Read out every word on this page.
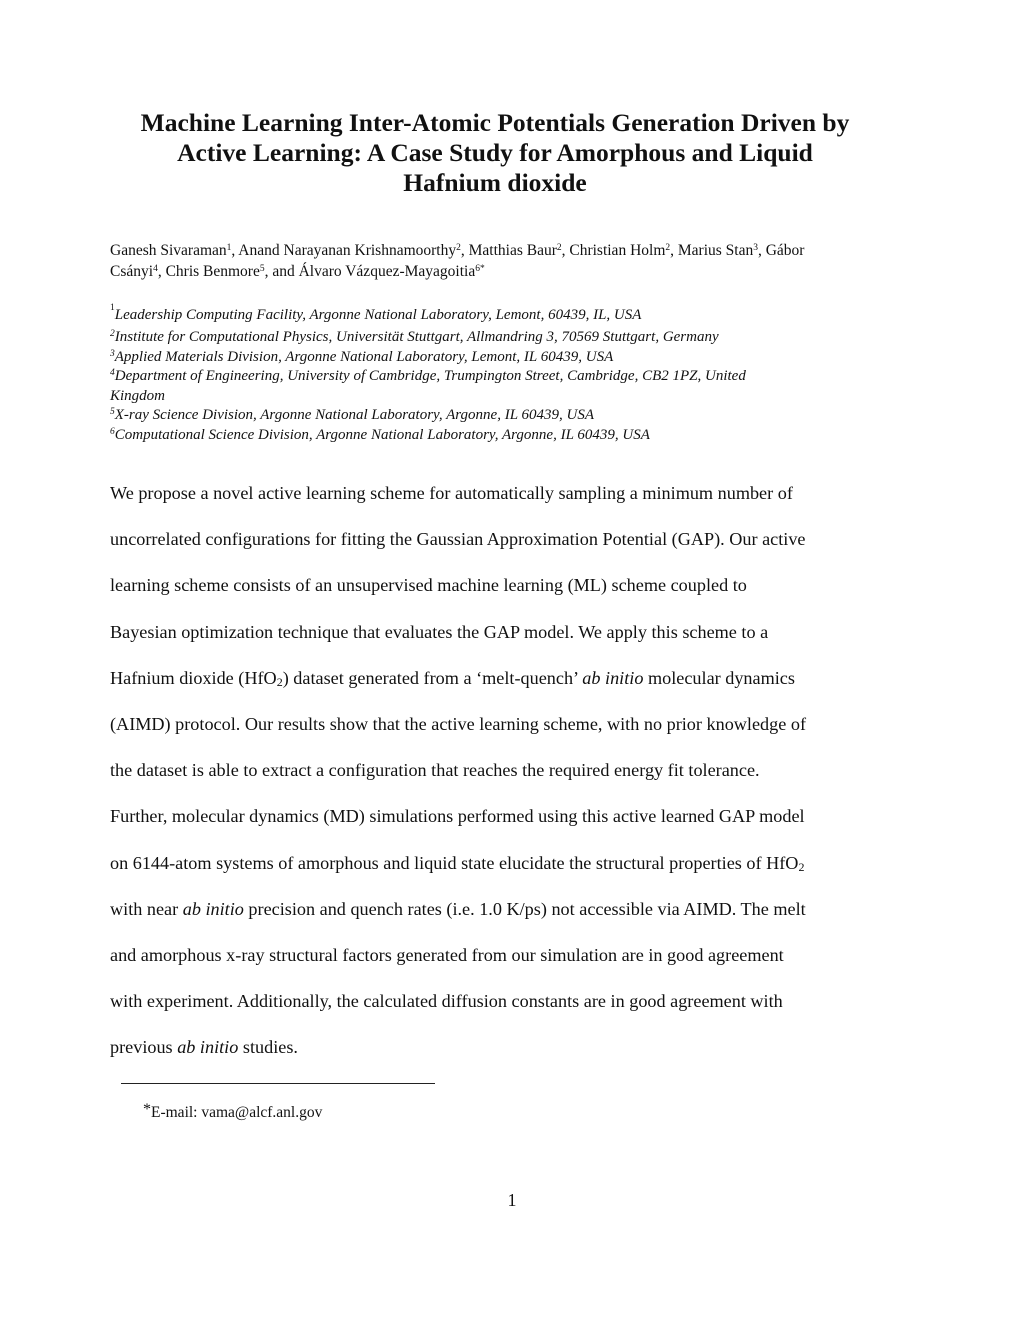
Machine Learning Inter-Atomic Potentials Generation Driven by
Active Learning: A Case Study for Amorphous and Liquid
Hafnium dioxide
Ganesh Sivaraman$^1$, Anand Narayanan Krishnamoorthy$^2$, Matthias Baur$^2$, Christian Holm$^2$, Marius Stan$^3$, Gábor
Csányi$^4$, Chris Benmore$^5$, and Álvaro Vázquez-Mayagoitia$^{6*}$
$^1$Leadership Computing Facility, Argonne National Laboratory, Lemont, 60439, IL, USA
$^2$Institute for Computational Physics, Universität Stuttgart, Allmandring 3, 70569 Stuttgart, Germany
$^3$Applied Materials Division, Argonne National Laboratory, Lemont, IL 60439, USA
$^4$Department of Engineering, University of Cambridge, Trumpington Street, Cambridge, CB2 1PZ, United
Kingdom
$^5$X-ray Science Division, Argonne National Laboratory, Argonne, IL 60439, USA
$^6$Computational Science Division, Argonne National Laboratory, Argonne, IL 60439, USA
We propose a novel active learning scheme for automatically sampling a minimum number of
uncorrelated configurations for fitting the Gaussian Approximation Potential (GAP). Our active
learning scheme consists of an unsupervised machine learning (ML) scheme coupled to
Bayesian optimization technique that evaluates the GAP model. We apply this scheme to a
Hafnium dioxide (HfO2) dataset generated from a ‘melt-quench’ ab initio molecular dynamics
(AIMD) protocol. Our results show that the active learning scheme, with no prior knowledge of
the dataset is able to extract a configuration that reaches the required energy fit tolerance.
Further, molecular dynamics (MD) simulations performed using this active learned GAP model
on 6144-atom systems of amorphous and liquid state elucidate the structural properties of HfO2
with near ab initio precision and quench rates (i.e. 1.0 K/ps) not accessible via AIMD. The melt
and amorphous x-ray structural factors generated from our simulation are in good agreement
with experiment. Additionally, the calculated diffusion constants are in good agreement with
previous ab initio studies.
*E-mail: vama@alcf.anl.gov
1
